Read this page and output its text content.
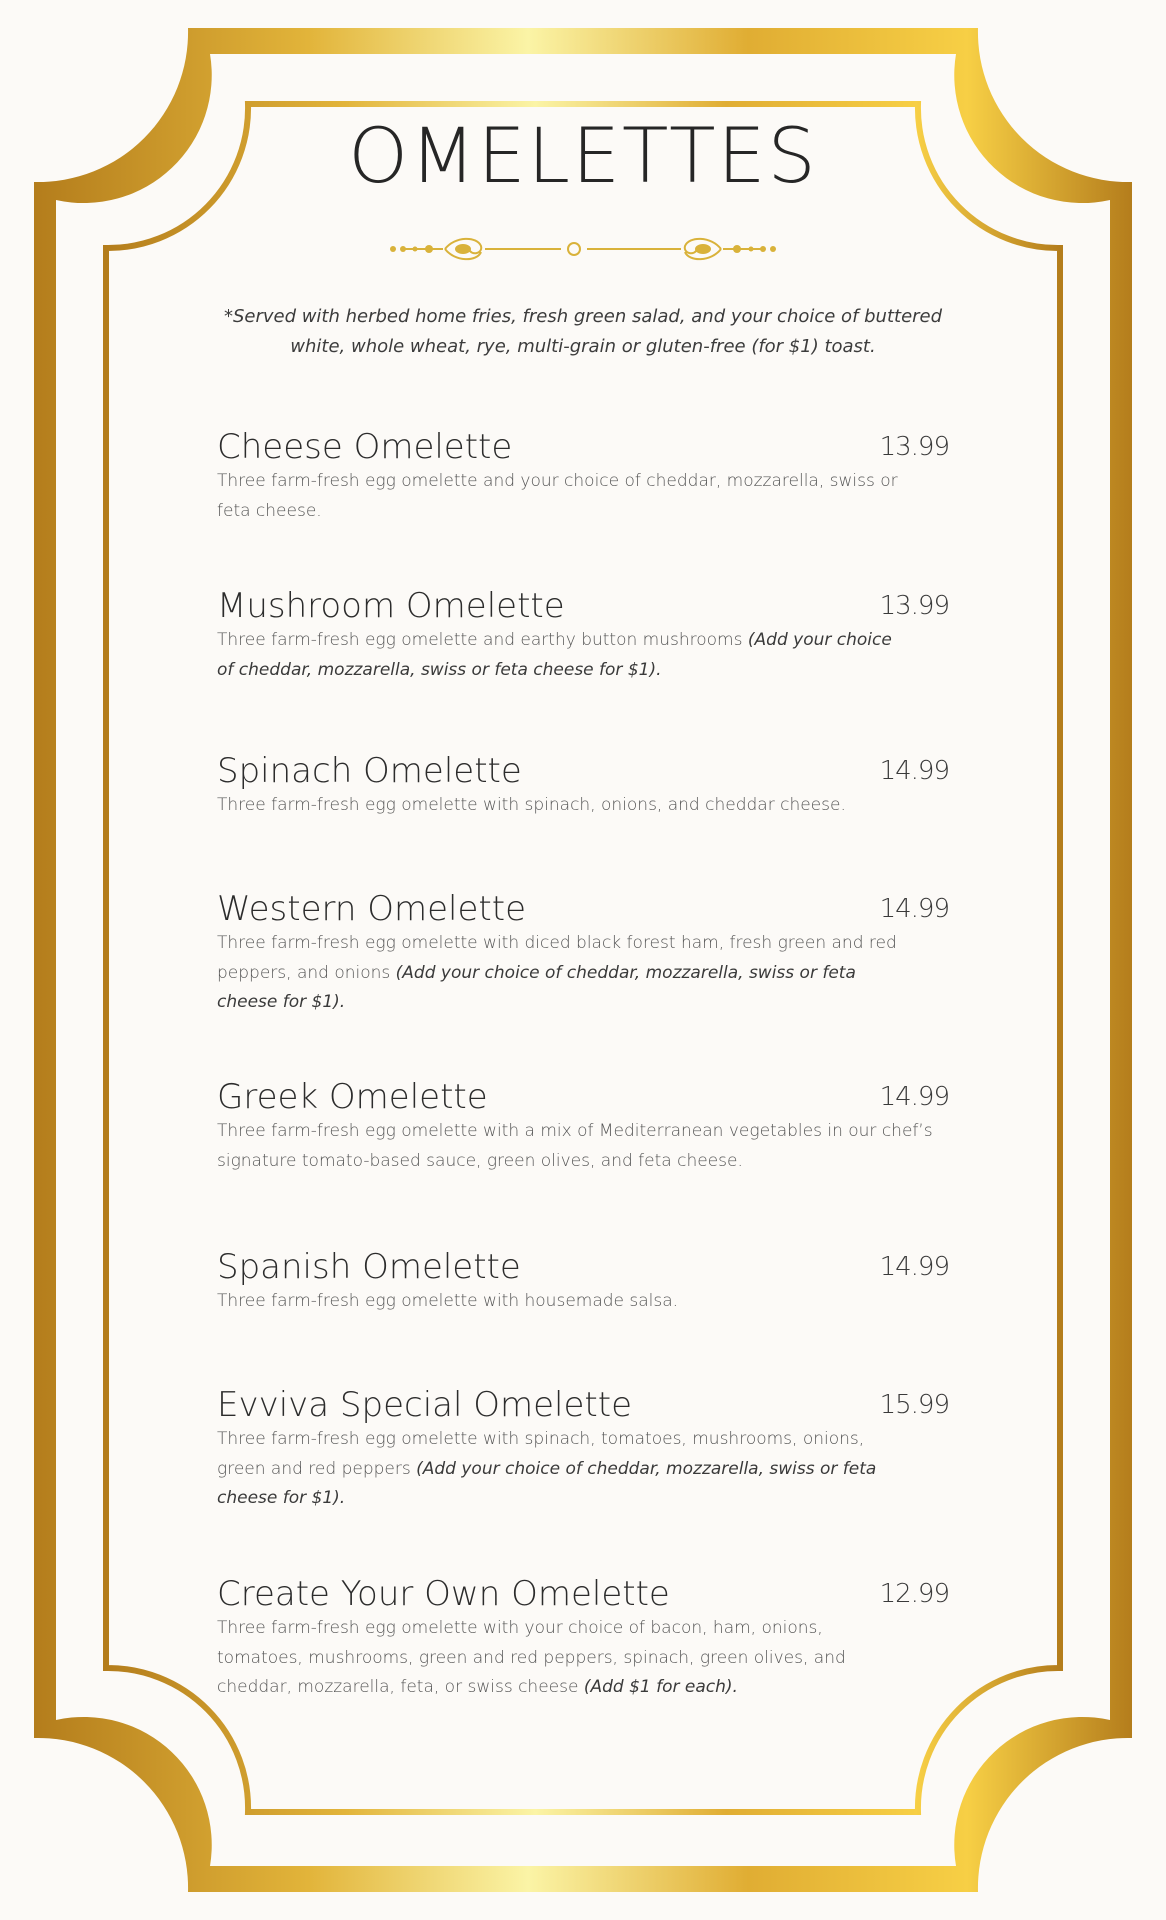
OMELETTES
*Served with herbed home fries, fresh green salad, and your choice of buttered white, whole wheat, rye, multi-grain or gluten-free (for $1) toast.
Cheese Omelette	13.99
Three farm-fresh egg omelette and your choice of cheddar, mozzarella, swiss or feta cheese.
Mushroom Omelette	13.99
Three farm-fresh egg omelette and earthy button mushrooms (Add your choice of cheddar, mozzarella, swiss or feta cheese for $1).
Spinach Omelette	14.99
Three farm-fresh egg omelette with spinach, onions, and cheddar cheese.
Western Omelette	14.99
Three farm-fresh egg omelette with diced black forest ham, fresh green and red peppers, and onions (Add your choice of cheddar, mozzarella, swiss or feta cheese for $1).
Greek Omelette	14.99
Three farm-fresh egg omelette with a mix of Mediterranean vegetables in our chef’s signature tomato-based sauce, green olives, and feta cheese.
Spanish Omelette	14.99
Three farm-fresh egg omelette with housemade salsa.
Evviva Special Omelette	15.99
Three farm-fresh egg omelette with spinach, tomatoes, mushrooms, onions, green and red peppers (Add your choice of cheddar, mozzarella, swiss or feta cheese for $1).
Create Your Own Omelette	12.99
Three farm-fresh egg omelette with your choice of bacon, ham, onions, tomatoes, mushrooms, green and red peppers, spinach, green olives, and cheddar, mozzarella, feta, or swiss cheese (Add $1 for each).
